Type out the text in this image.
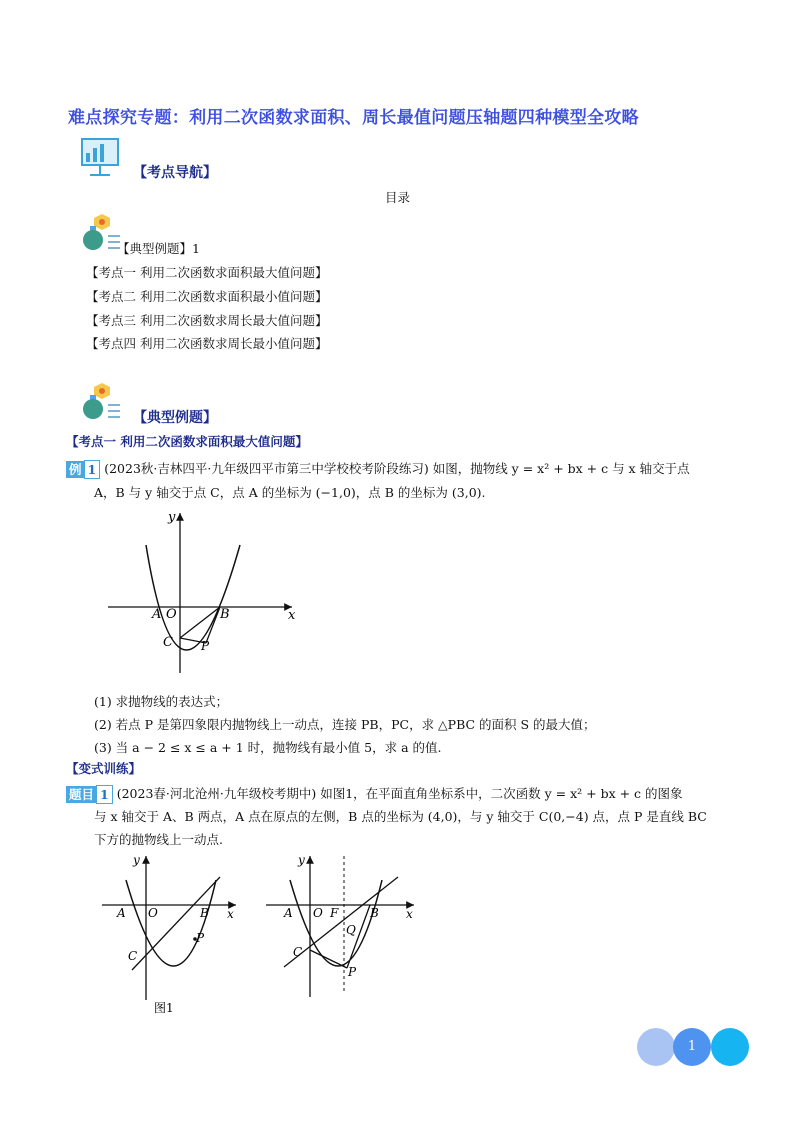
难点探究专题：利用二次函数求面积、周长最值问题压轴题四种模型全攻略
【考点导航】
目录
【典型例题】1
【考点一 利用二次函数求面积最大值问题】
【考点二 利用二次函数求面积最小值问题】
【考点三 利用二次函数求周长最大值问题】
【考点四 利用二次函数求周长最小值问题】
【典型例题】
【考点一 利用二次函数求面积最大值问题】
例 1 (2023秋·吉林四平·九年级四平市第三中学校校考阶段练习) 如图，抛物线 y = x² + bx + c 与 x 轴交于点
A，B 与 y 轴交于点 C，点 A 的坐标为 (−1,0)，点 B 的坐标为 (3,0).
y
x
A O	B
C P
(1) 求抛物线的表达式；
(2) 若点 P 是第四象限内抛物线上一动点，连接 PB，PC，求 △PBC 的面积 S 的最大值；
(3) 当 a − 2 ≤ x ≤ a + 1 时，抛物线有最小值 5，求 a 的值.
【变式训练】
题目 1 (2023春·河北沧州·九年级校考期中) 如图1，在平面直角坐标系中，二次函数 y = x² + bx + c 的图象
与 x 轴交于 A、B 两点，A 点在原点的左侧，B 点的坐标为 (4,0)，与 y 轴交于 C(0,−4) 点，点 P 是直线 BC
下方的抛物线上一动点.
y
x
A O	B
P
C
图1
y
x
A O F	B
Q
C
P
1
